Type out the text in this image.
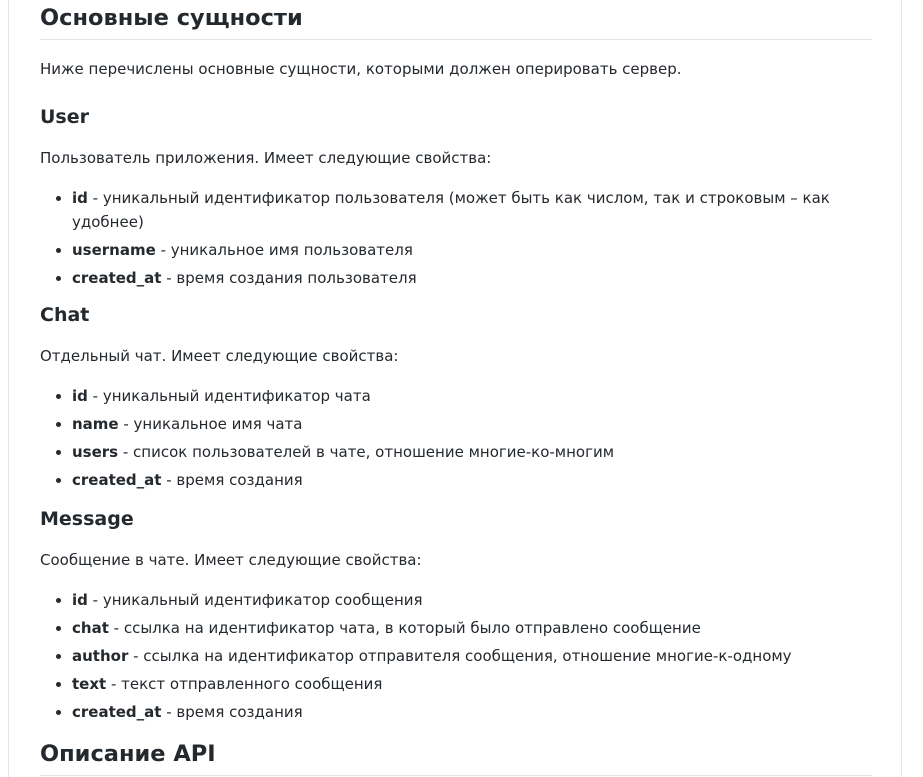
Основные сущности

Ниже перечислены основные сущности, которыми должен оперировать сервер.

User

Пользователь приложения. Имеет следующие свойства:

• id - уникальный идентификатор пользователя (может быть как числом, так и строковым – как удобнее)
• username - уникальное имя пользователя
• created_at - время создания пользователя
Chat

Отдельный чат. Имеет следующие свойства:

• id - уникальный идентификатор чата
• name - уникальное имя чата
• users - список пользователей в чате, отношение многие-ко-многим
• created_at - время создания
Message

Сообщение в чате. Имеет следующие свойства:

• id - уникальный идентификатор сообщения
• chat - ссылка на идентификатор чата, в который было отправлено сообщение
• author - ссылка на идентификатор отправителя сообщения, отношение многие-к-одному
• text - текст отправленного сообщения
• created_at - время создания
Описание API
